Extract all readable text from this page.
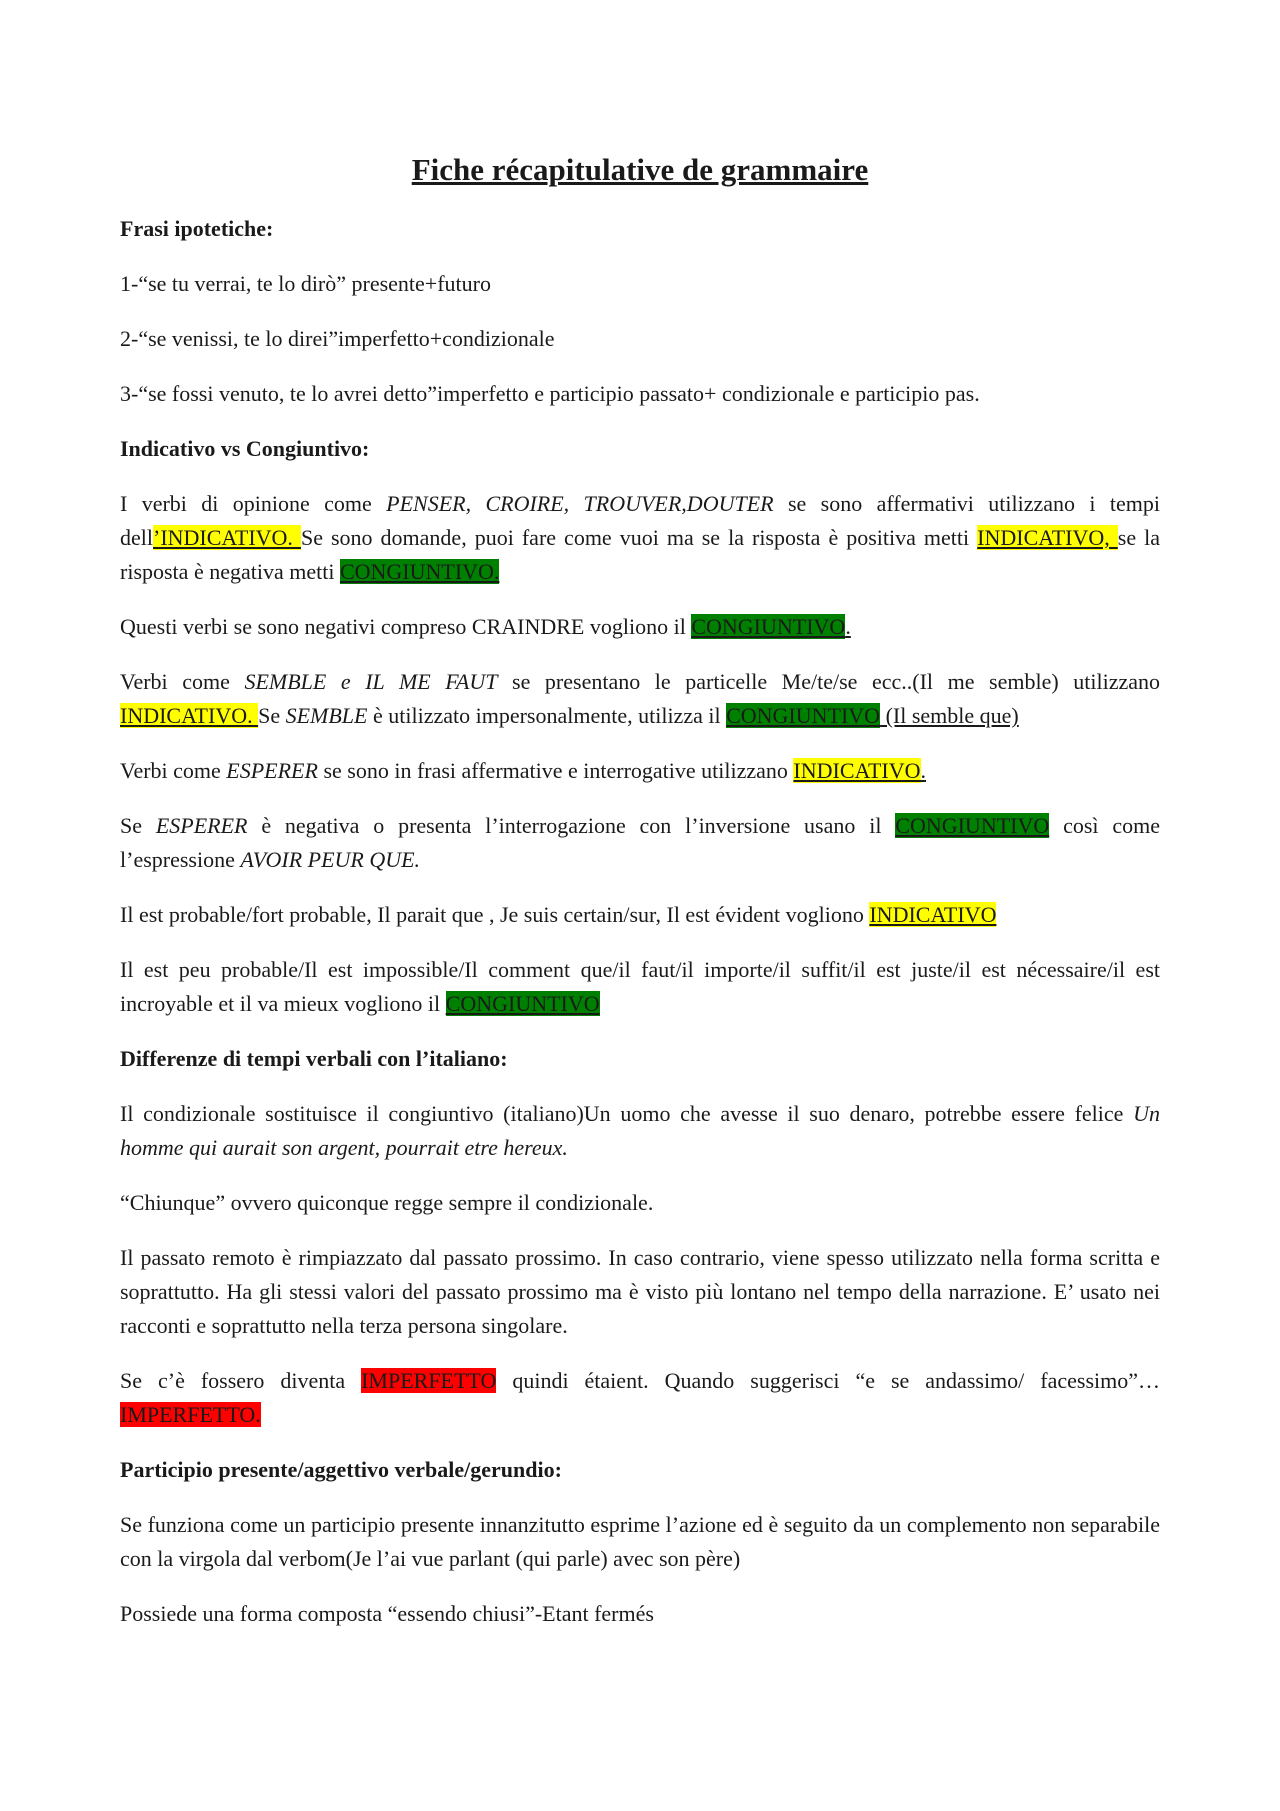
Fiche récapitulative de grammaire
Frasi ipotetiche:
1-“se tu verrai, te lo dirò” presente+futuro
2-“se venissi, te lo direi”imperfetto+condizionale
3-“se fossi venuto, te lo avrei detto”imperfetto e participio passato+ condizionale e participio pas.
Indicativo vs Congiuntivo:
I verbi di opinione come PENSER, CROIRE, TROUVER,DOUTER se sono affermativi utilizzano i tempi dell’INDICATIVO. Se sono domande, puoi fare come vuoi ma se la risposta è positiva metti INDICATIVO, se la risposta è negativa metti CONGIUNTIVO.
Questi verbi se sono negativi compreso CRAINDRE vogliono il CONGIUNTIVO.
Verbi come SEMBLE e IL ME FAUT se presentano le particelle Me/te/se ecc..(Il me semble) utilizzano INDICATIVO. Se SEMBLE è utilizzato impersonalmente, utilizza il CONGIUNTIVO (Il semble que)
Verbi come ESPERER se sono in frasi affermative e interrogative utilizzano INDICATIVO.
Se ESPERER è negativa o presenta l’interrogazione con l’inversione usano il CONGIUNTIVO così come l’espressione AVOIR PEUR QUE.
Il est probable/fort probable, Il parait que , Je suis certain/sur, Il est évident vogliono INDICATIVO
Il est peu probable/Il est impossible/Il comment que/il faut/il importe/il suffit/il est juste/il est nécessaire/il est incroyable et il va mieux vogliono il CONGIUNTIVO
Differenze di tempi verbali con l’italiano:
Il condizionale sostituisce il congiuntivo (italiano)Un uomo che avesse il suo denaro, potrebbe essere felice Un homme qui aurait son argent, pourrait etre hereux.
“Chiunque” ovvero quiconque regge sempre il condizionale.
Il passato remoto è rimpiazzato dal passato prossimo. In caso contrario, viene spesso utilizzato nella forma scritta e soprattutto. Ha gli stessi valori del passato prossimo ma è visto più lontano nel tempo della narrazione. E’ usato nei racconti e soprattutto nella terza persona singolare.
Se c’è fossero diventa IMPERFETTO quindi étaient. Quando suggerisci “e se andassimo/ facessimo”…IMPERFETTO.
Participio presente/aggettivo verbale/gerundio:
Se funziona come un participio presente innanzitutto esprime l’azione ed è seguito da un complemento non separabile con la virgola dal verbom(Je l’ai vue parlant (qui parle) avec son père)
Possiede una forma composta “essendo chiusi”-Etant fermés
